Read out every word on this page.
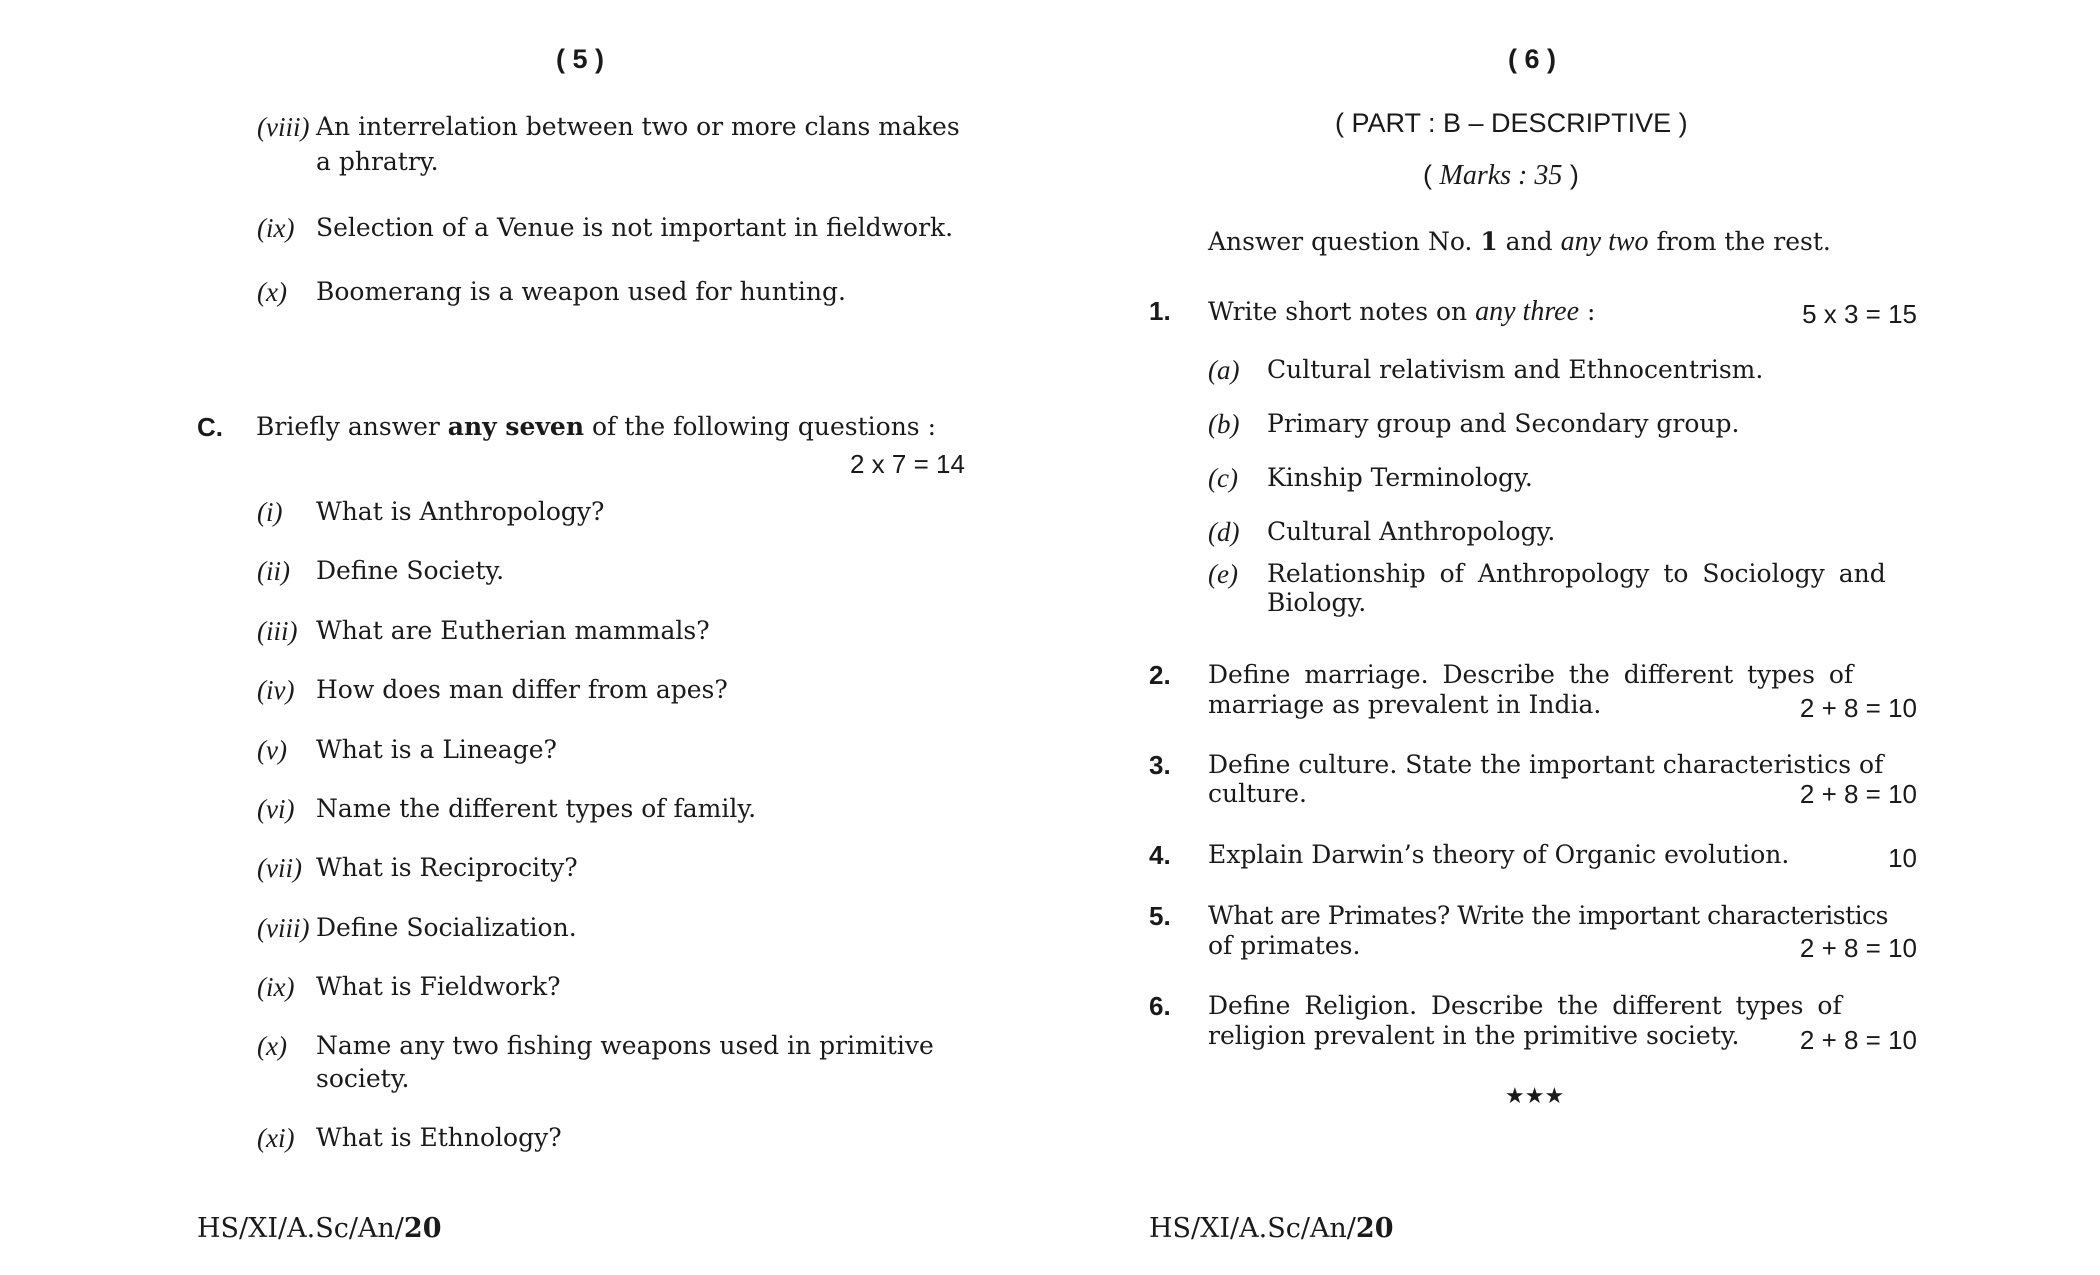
( 5 )
(viii) An interrelation between two or more clans makes
a phratry.
(ix) Selection of a Venue is not important in fieldwork.
(x) Boomerang is a weapon used for hunting.
C. Briefly answer any seven of the following questions :
2 x 7 = 14
(i) What is Anthropology?
(ii) Define Society.
(iii) What are Eutherian mammals?
(iv) How does man differ from apes?
(v) What is a Lineage?
(vi) Name the different types of family.
(vii) What is Reciprocity?
(viii) Define Socialization.
(ix) What is Fieldwork?
(x) Name any two fishing weapons used in primitive
society.
(xi) What is Ethnology?
HS/XI/A.Sc/An/20
( 6 )
( PART : B – DESCRIPTIVE )
( Marks : 35 )
Answer question No. 1 and any two from the rest.
1. Write short notes on any three :	5 x 3 = 15
(a) Cultural relativism and Ethnocentrism.
(b) Primary group and Secondary group.
(c) Kinship Terminology.
(d) Cultural Anthropology.
(e) Relationship of Anthropology to Sociology and
Biology.
2. Define marriage. Describe the different types of
marriage as prevalent in India.	2 + 8 = 10
3. Define culture. State the important characteristics of
culture.	2 + 8 = 10
4. Explain Darwin’s theory of Organic evolution.	10
5. What are Primates? Write the important characteristics
of primates.	2 + 8 = 10
6. Define Religion. Describe the different types of
religion prevalent in the primitive society. 2 + 8 = 10
★★★
HS/XI/A.Sc/An/20
